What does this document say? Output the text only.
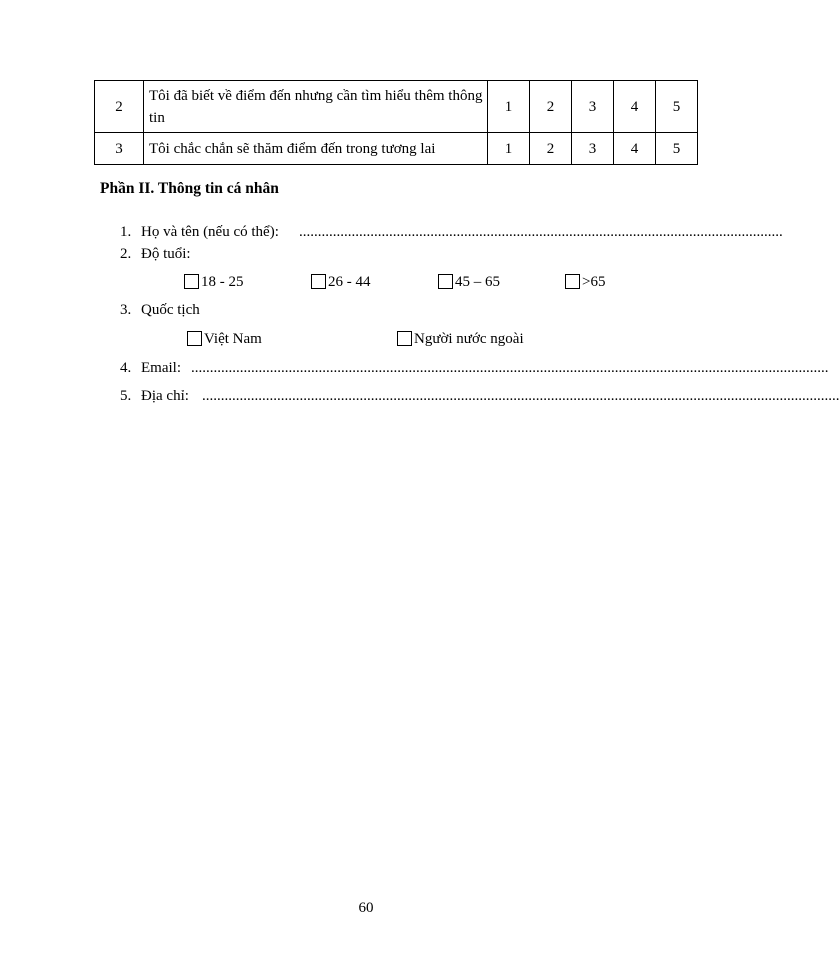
2	Tôi đã biết về điểm đến nhưng cần tìm hiểu thêm thông tin	1	2	3	4	5
3	Tôi chắc chắn sẽ thăm điểm đến trong tương lai	1	2	3	4	5
Phần II. Thông tin cá nhân
1. Họ và tên (nếu có thể): .................................................................................................................................
2. Độ tuổi:
18 - 25	26 - 44	45 – 65	>65
3. Quốc tịch
Việt Nam	Người nước ngoài
4. Email: ..........................................................................................................................................................................
5. Địa chỉ: ..........................................................................................................................................................................
60
